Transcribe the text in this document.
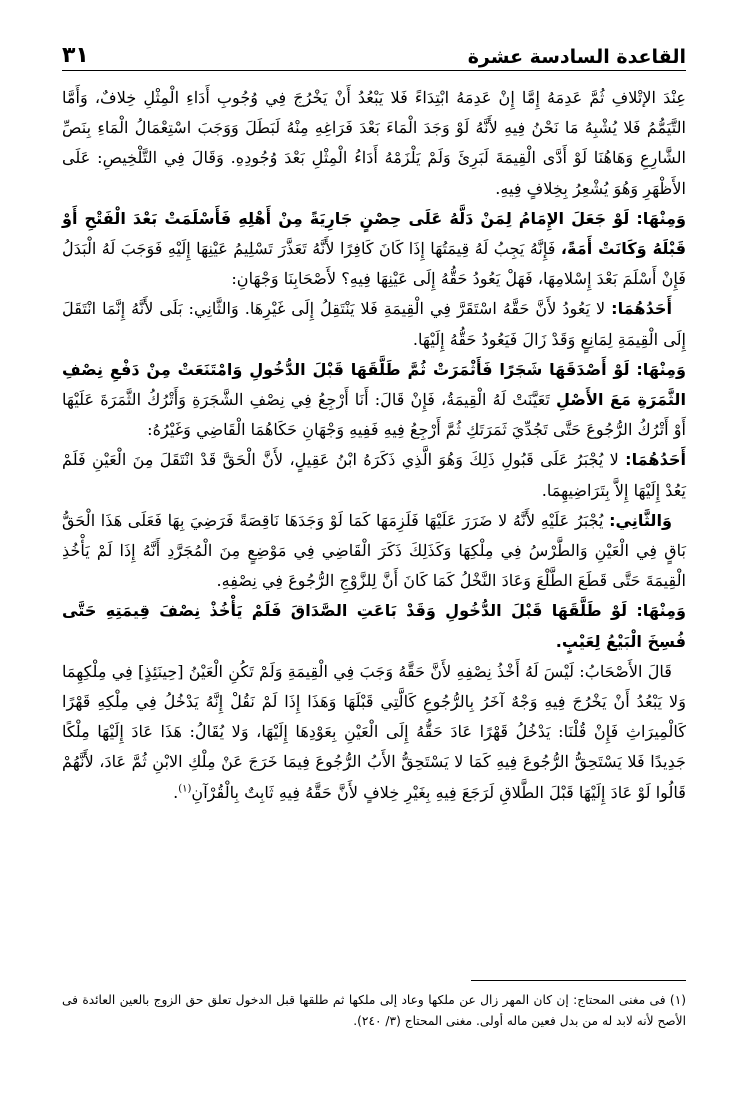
القاعدة السادسة عشرة
٣١

عِنْدَ الإتْلافِ ثُمَّ عَدِمَهُ إِمَّا إِنْ عَدِمَهُ ابْتِدَاءً فَلا يَبْعُدُ أَنْ يَخْرُجَ فِي وُجُوبِ أَدَاءِ الْمِثْلِ خِلافٌ، وَأَمَّا التَّيَمُّمُ فَلا يُشْبِهُ مَا نَحْنُ فِيهِ لأَنَّهُ لَوْ وَجَدَ الْمَاءَ بَعْدَ فَرَاغِهِ مِنْهُ لَبَطَلَ وَوَجَبَ اسْتِعْمَالُ الْمَاءِ بِنَصِّ الشَّارِعِ وَهَاهُنَا لَوْ أَدَّى الْقِيمَةَ لَبَرِئَ وَلَمْ يَلْزَمْهُ أَدَاءُ الْمِثْلِ بَعْدَ وُجُودِهِ. وَقَالَ فِي التَّلْخِيصِ: عَلَى الأَظْهَرِ وَهُوَ يُشْعِرُ بِخِلافٍ فِيهِ.

وَمِنْهَا: لَوْ جَعَلَ الإِمَامُ لِمَنْ دَلَّهُ عَلَى حِصْنٍ جَارِيَةً مِنْ أَهْلِهِ فَأَسْلَمَتْ بَعْدَ الْفَتْحِ أَوْ قَبْلَهُ وَكَانَتْ أَمَةً، فَإِنَّهُ يَجِبُ لَهُ قِيمَتُهَا إِذَا كَانَ كَافِرًا لأَنَّهُ تَعَذَّرَ تَسْلِيمُ عَيْنِهَا إِلَيْهِ فَوَجَبَ لَهُ الْبَدَلُ فَإِنْ أَسْلَمَ بَعْدَ إِسْلامِهَا، فَهَلْ يَعُودُ حَقُّهُ إِلَى عَيْنِهَا فِيهِ؟ لأَصْحَابِنَا وَجْهَانِ:

أَحَدُهُمَا: لا يَعُودُ لأَنَّ حَقَّهُ اسْتَقَرَّ فِي الْقِيمَةِ فَلا يَنْتَقِلُ إِلَى غَيْرِهَا. وَالثَّانِي: بَلَى لأَنَّهُ إِنَّمَا انْتَقَلَ إِلَى الْقِيمَةِ لِمَانِعٍ وَقَدْ زَالَ فَيَعُودُ حَقُّهُ إِلَيْهَا.

وَمِنْهَا: لَوْ أَصْدَقَهَا شَجَرًا فَأَثْمَرَتْ ثُمَّ طَلَّقَهَا قَبْلَ الدُّخُولِ وَامْتَنَعَتْ مِنْ دَفْعِ نِصْفِ الثَّمَرَةِ مَعَ الأَصْلِ تَعَيَّنَتْ لَهُ الْقِيمَةُ، فَإِنْ قَالَ: أَنَا أَرْجِعُ فِي نِصْفِ الشَّجَرَةِ وَأَتْرُكُ الثَّمَرَةَ عَلَيْهَا أَوْ أَتْرُكُ الرُّجُوعَ حَتَّى تَجُدِّيَ ثَمَرَتَكِ ثُمَّ أَرْجِعُ فِيهِ فَفِيهِ وَجْهَانِ حَكَاهُمَا الْقَاضِي وَغَيْرُهُ:

أَحَدُهُمَا: لا يُجْبَرُ عَلَى قَبُولِ ذَلِكَ وَهُوَ الَّذِي ذَكَرَهُ ابْنُ عَقِيلٍ، لأَنَّ الْحَقَّ قَدْ انْتَقَلَ مِنَ الْعَيْنِ فَلَمْ يَعُدْ إِلَيْهَا إِلاَّ بِتَرَاضِيهِمَا.

وَالثَّانِي: يُجْبَرُ عَلَيْهِ لأَنَّهُ لا ضَرَرَ عَلَيْهَا فَلَزِمَهَا كَمَا لَوْ وَجَدَهَا نَاقِصَةً فَرَضِيَ بِهَا فَعَلَى هَذَا الْحَقُّ بَاقٍ فِي الْعَيْنِ وَالطَّرْسُ فِي مِلْكِهَا وَكَذَلِكَ ذَكَرَ الْقَاضِي فِي مَوْضِعٍ مِنَ الْمُجَرَّدِ أَنَّهُ إِذَا لَمْ يَأْخُذِ الْقِيمَةَ حَتَّى قَطَعَ الطَّلْعَ وَعَادَ النَّخْلُ كَمَا كَانَ أَنَّ لِلزَّوْجِ الرُّجُوعَ فِي نِصْفِهِ.

وَمِنْهَا: لَوْ طَلَّقَهَا قَبْلَ الدُّخُولِ وَقَدْ بَاعَتِ الصَّدَاقَ فَلَمْ يَأْخُذْ نِصْفَ قِيمَتِهِ حَتَّى فُسِخَ الْبَيْعُ لِعَيْبٍ.

قَالَ الأَصْحَابُ: لَيْسَ لَهُ أَخْذُ نِصْفِهِ لأَنَّ حَقَّهُ وَجَبَ فِي الْقِيمَةِ وَلَمْ تَكُنِ الْعَيْنُ [حِينَئِذٍ] فِي مِلْكِهِمَا وَلا يَبْعُدُ أَنْ يَخْرُجَ فِيهِ وَجْهٌ آخَرُ بِالرُّجُوعِ كَالَّتِي قَبْلَهَا وَهَذَا إِذَا لَمْ نَقُلْ إِنَّهُ يَدْخُلُ فِي مِلْكِهِ قَهْرًا كَالْمِيرَاثِ فَإِنْ قُلْنَا: يَدْخُلُ قَهْرًا عَادَ حَقُّهُ إِلَى الْعَيْنِ بِعَوْدِهَا إِلَيْهَا، وَلا يُقَالُ: هَذَا عَادَ إِلَيْهَا مِلْكًا جَدِيدًا فَلا يَسْتَحِقُّ الرُّجُوعَ فِيهِ كَمَا لا يَسْتَحِقُّ الأَبُ الرُّجُوعَ فِيمَا خَرَجَ عَنْ مِلْكِ الابْنِ ثُمَّ عَادَ، لأَنَّهُمْ قَالُوا لَوْ عَادَ إِلَيْهَا قَبْلَ الطَّلاقِ لَرَجَعَ فِيهِ بِغَيْرِ خِلافٍ لأَنَّ حَقَّهُ فِيهِ ثَابِتٌ بِالْقُرْآنِ$^{(١)}$.

(١) فى مغنى المحتاج: إن كان المهر زال عن ملكها وعاد إلى ملكها ثم طلقها قبل الدخول تعلق حق الزوج بالعين العائدة فى الأصح لأنه لابد له من بدل فعين ماله أولى. مغنى المحتاج (٣/ ٢٤٠).
